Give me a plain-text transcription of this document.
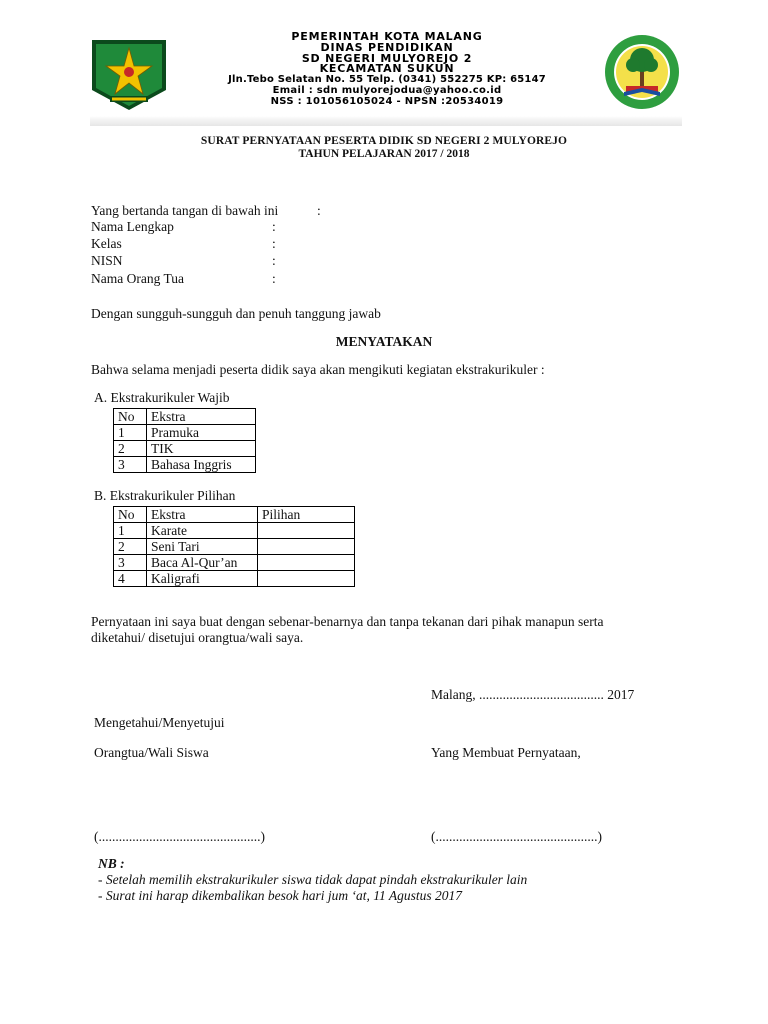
PEMERINTAH KOTA MALANG
DINAS PENDIDIKAN
SD NEGERI MULYOREJO 2
KECAMATAN SUKUN
Jln.Tebo Selatan No. 55 Telp. (0341) 552275 KP: 65147
Email : sdn mulyorejodua@yahoo.co.id
NSS : 101056105024 - NPSN :20534019
SURAT PERNYATAAN PESERTA DIDIK SD NEGERI 2 MULYOREJO
TAHUN PELAJARAN 2017 / 2018
Yang bertanda tangan di bawah ini	:
Nama Lengkap	:
Kelas	:
NISN	:
Nama Orang Tua	:
Dengan sungguh-sungguh dan penuh tanggung jawab
MENYATAKAN
Bahwa selama menjadi peserta didik saya akan mengikuti kegiatan ekstrakurikuler :
A. Ekstrakurikuler Wajib
No	Ekstra
1	Pramuka
2	TIK
3	Bahasa Inggris
B. Ekstrakurikuler Pilihan
No	Ekstra	Pilihan
1	Karate	
2	Seni Tari	
3	Baca Al-Qur’an	
4	Kaligrafi	
Pernyataan ini saya buat dengan sebenar-benarnya dan tanpa tekanan dari pihak manapun serta
diketahui/ disetujui orangtua/wali saya.
Malang, ..................................... 2017
Mengetahui/Menyetujui
Orangtua/Wali Siswa	Yang Membuat Pernyataan,
(................................................)	(................................................)
NB :
- Setelah memilih ekstrakurikuler siswa tidak dapat pindah ekstrakurikuler lain
- Surat ini harap dikembalikan besok hari jum ‘at, 11 Agustus 2017
